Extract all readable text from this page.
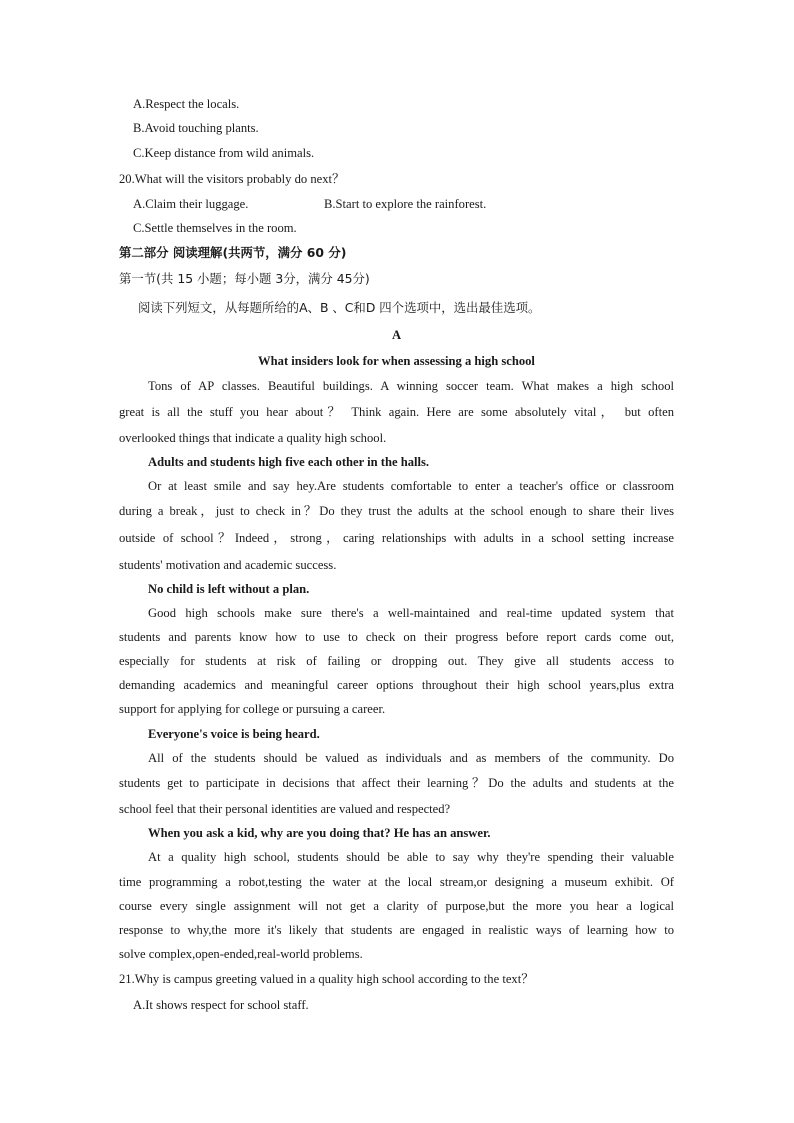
A.Respect the locals.
B.Avoid touching plants.
C.Keep distance from wild animals.
20.What will the visitors probably do next？
A.Claim their luggage.	B.Start to explore the rainforest.
C.Settle themselves in the room.
第二部分 阅读理解(共两节，满分 60 分)
第一节(共 15 小题；每小题 3分，满分 45分)
阅读下列短文，从每题所给的A、B 、C和D 四个选项中，选出最佳选项。
A
What insiders look for when assessing a high school
Tons of AP classes. Beautiful buildings. A winning soccer team. What makes a high school
great is all the stuff you hear about？ Think again. Here are some absolutely vital， but often
overlooked things that indicate a quality high school.
Adults and students high five each other in the halls.
Or at least smile and say hey.Are students comfortable to enter a teacher's office or classroom
during a break，just to check in？Do they trust the adults at the school enough to share their lives
outside of school？Indeed，strong，caring relationships with adults in a school setting increase
students' motivation and academic success.
No child is left without a plan.
Good high schools make sure there's a well-maintained and real-time updated system that
students and parents know how to use to check on their progress before report cards come out,
especially for students at risk of failing or dropping out. They give all students access to
demanding academics and meaningful career options throughout their high school years,plus extra
support for applying for college or pursuing a career.
Everyone's voice is being heard.
All of the students should be valued as individuals and as members of the community. Do
students get to participate in decisions that affect their learning？Do the adults and students at the
school feel that their personal identities are valued and respected?
When you ask a kid, why are you doing that? He has an answer.
At a quality high school, students should be able to say why they're spending their valuable
time programming a robot,testing the water at the local stream,or designing a museum exhibit. Of
course every single assignment will not get a clarity of purpose,but the more you hear a logical
response to why,the more it's likely that students are engaged in realistic ways of learning how to
solve complex,open-ended,real-world problems.
21.Why is campus greeting valued in a quality high school according to the text？
A.It shows respect for school staff.
